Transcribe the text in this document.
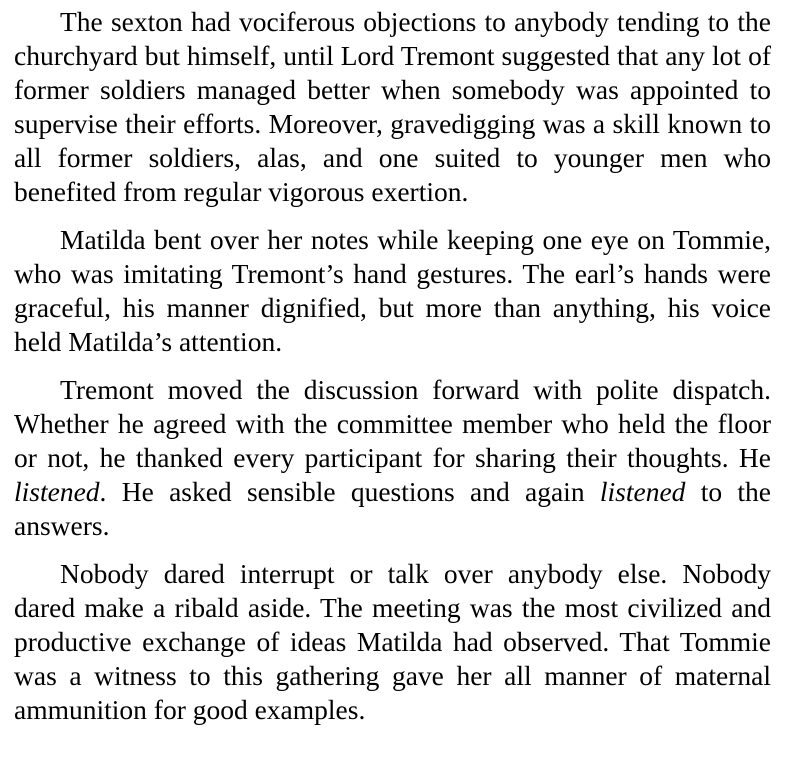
The sexton had vociferous objections to anybody tending to the churchyard but himself, until Lord Tremont suggested that any lot of former soldiers managed better when somebody was appointed to supervise their efforts. Moreover, gravedigging was a skill known to all former soldiers, alas, and one suited to younger men who benefited from regular vigorous exertion.

Matilda bent over her notes while keeping one eye on Tommie, who was imitating Tremont’s hand gestures. The earl’s hands were graceful, his manner dignified, but more than anything, his voice held Matilda’s attention.

Tremont moved the discussion forward with polite dispatch. Whether he agreed with the committee member who held the floor or not, he thanked every participant for sharing their thoughts. He listened. He asked sensible questions and again listened to the answers.

Nobody dared interrupt or talk over anybody else. Nobody dared make a ribald aside. The meeting was the most civilized and productive exchange of ideas Matilda had observed. That Tommie was a witness to this gathering gave her all manner of maternal ammunition for good examples.
